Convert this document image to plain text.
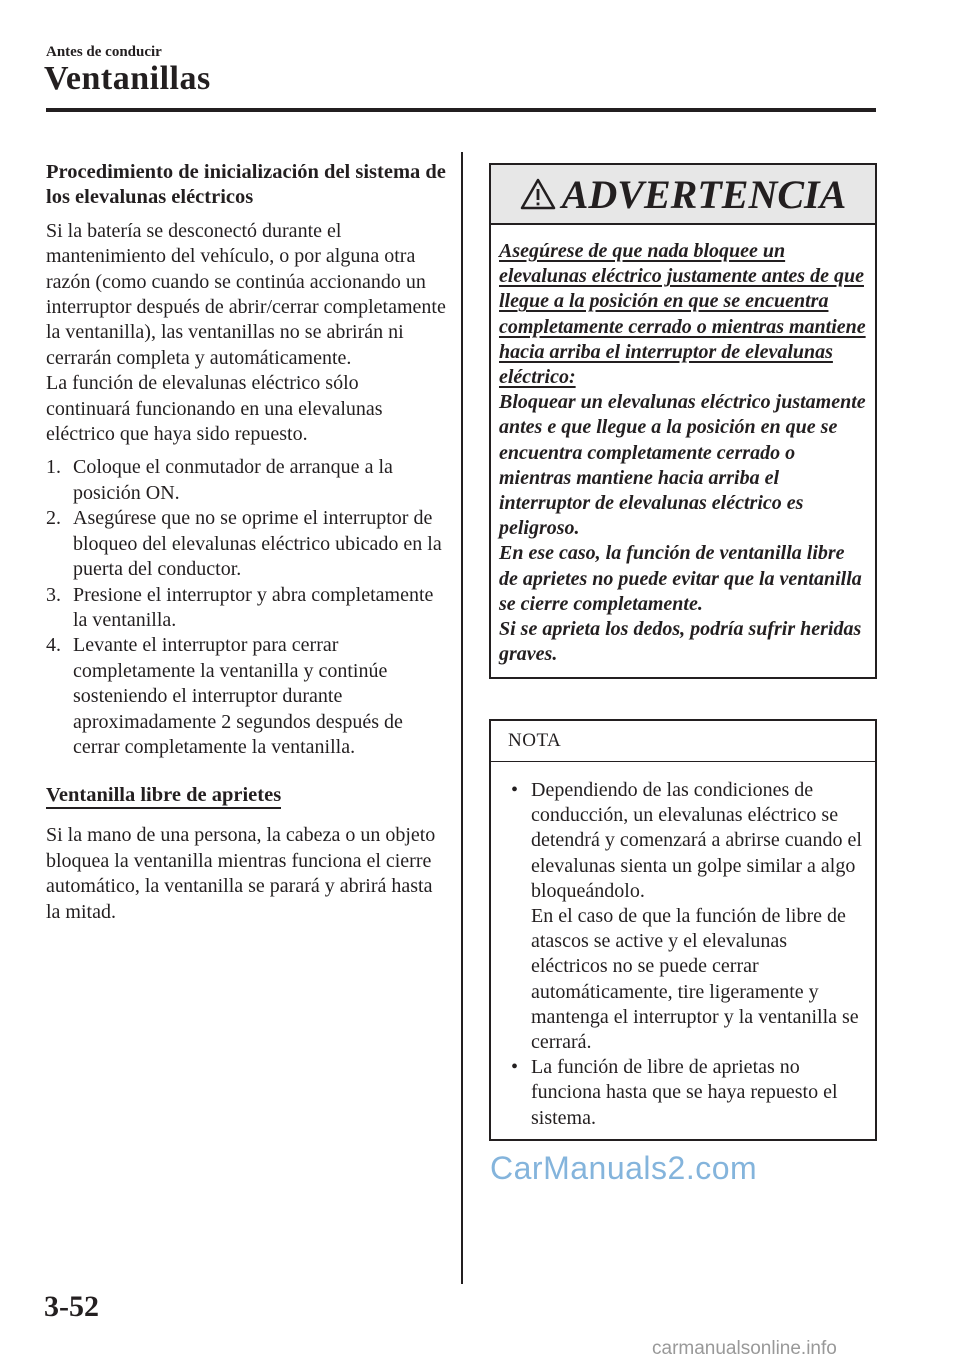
Antes de conducir
Ventanillas
Procedimiento de inicialización del sistema de los elevalunas eléctricos

Si la batería se desconectó durante el mantenimiento del vehículo, o por alguna otra razón (como cuando se continúa accionando un interruptor después de abrir/cerrar completamente la ventanilla), las ventanillas no se abrirán ni cerrarán completa y automáticamente.

La función de elevalunas eléctrico sólo continuará funcionando en una elevalunas eléctrico que haya sido repuesto.

1. Coloque el conmutador de arranque a la posición ON.
2. Asegúrese que no se oprime el interruptor de bloqueo del elevalunas eléctrico ubicado en la puerta del conductor.
3. Presione el interruptor y abra completamente la ventanilla.
4. Levante el interruptor para cerrar completamente la ventanilla y continúe sosteniendo el interruptor durante aproximadamente 2 segundos después de cerrar completamente la ventanilla.
Ventanilla libre de aprietes

Si la mano de una persona, la cabeza o un objeto bloquea la ventanilla mientras funciona el cierre automático, la ventanilla se parará y abrirá hasta la mitad.

ADVERTENCIA
Asegúrese de que nada bloquee un elevalunas eléctrico justamente antes de que llegue a la posición en que se encuentra completamente cerrado o mientras mantiene hacia arriba el interruptor de elevalunas eléctrico:
Bloquear un elevalunas eléctrico justamente antes e que llegue a la posición en que se encuentra completamente cerrado o mientras mantiene hacia arriba el interruptor de elevalunas eléctrico es peligroso.
En ese caso, la función de ventanilla libre de aprietes no puede evitar que la ventanilla se cierre completamente.
Si se aprieta los dedos, podría sufrir heridas graves.
NOTA
• Dependiendo de las condiciones de conducción, un elevalunas eléctrico se detendrá y comenzará a abrirse cuando el elevalunas sienta un golpe similar a algo bloqueándolo.
En el caso de que la función de libre de atascos se active y el elevalunas eléctricos no se puede cerrar automáticamente, tire ligeramente y mantenga el interruptor y la ventanilla se cerrará.
• La función de libre de aprietas no funciona hasta que se haya repuesto el sistema.
CarManuals2.com
3-52
carmanualsonline.info
